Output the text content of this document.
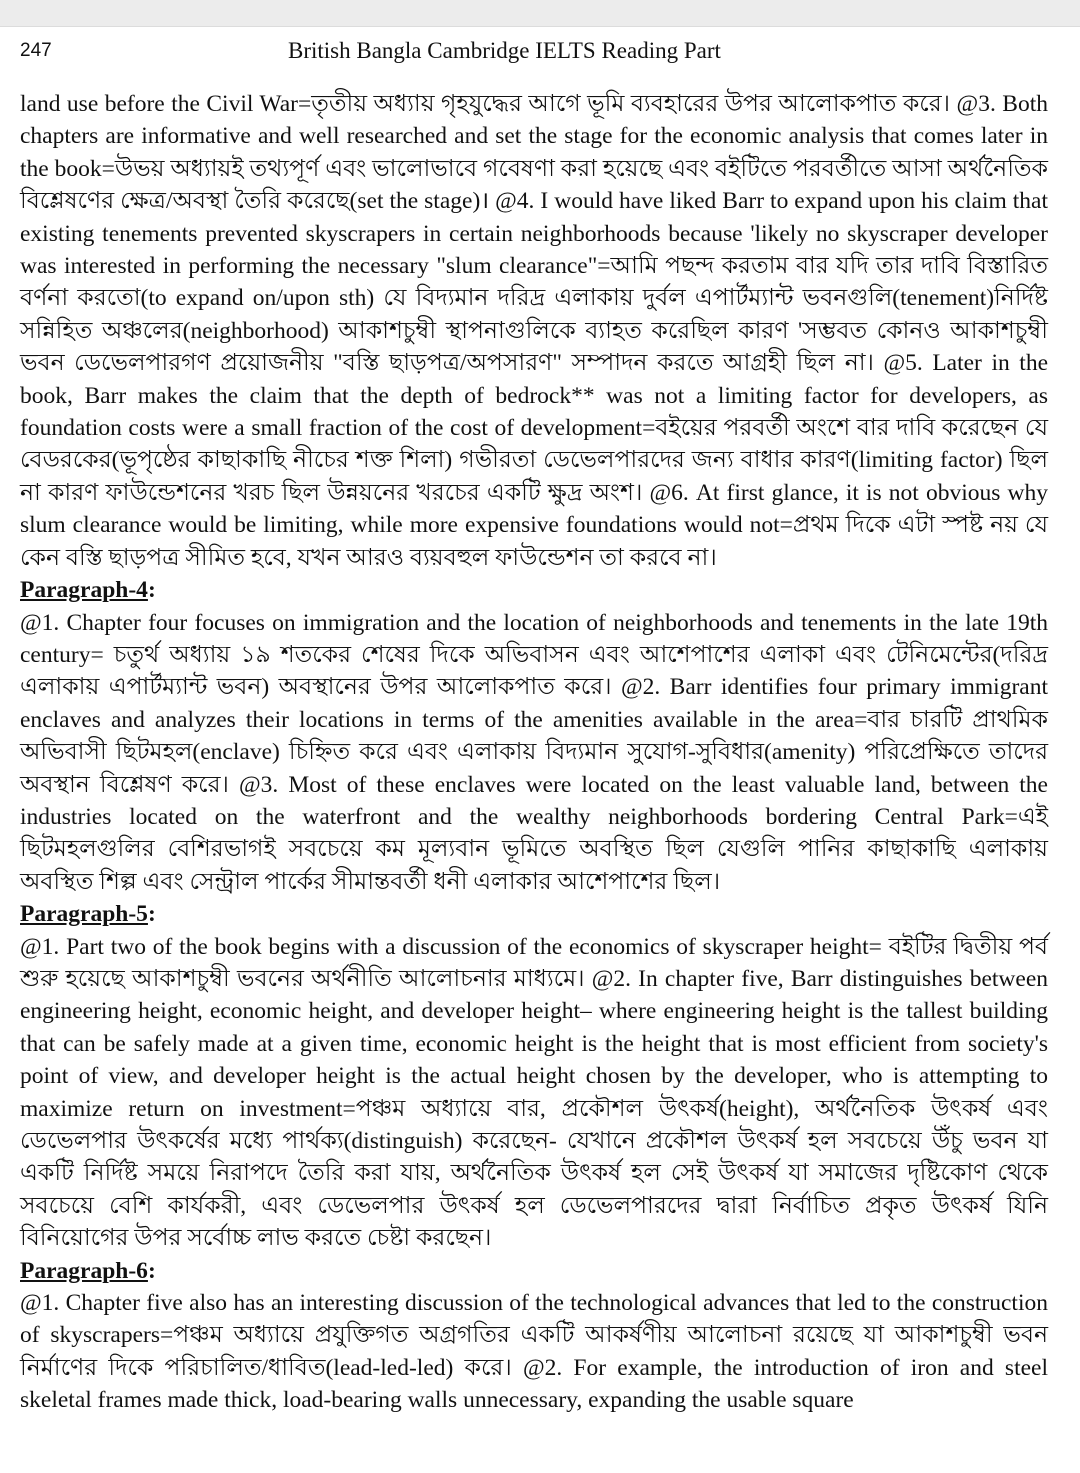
247	British Bangla Cambridge IELTS Reading Part

land use before the Civil War=তৃতীয় অধ্যায় গৃহযুদ্ধের আগে ভূমি ব্যবহারের উপর আলোকপাত করে। @3. Both chapters are informative and well researched and set the stage for the economic analysis that comes later in the book=উভয় অধ্যায়ই তথ্যপূর্ণ এবং ভালোভাবে গবেষণা করা হয়েছে এবং বইটিতে পরবর্তীতে আসা অর্থনৈতিক বিশ্লেষণের ক্ষেত্র/অবস্থা তৈরি করেছে(set the stage)। @4. I would have liked Barr to expand upon his claim that existing tenements prevented skyscrapers in certain neighborhoods because 'likely no skyscraper developer was interested in performing the necessary "slum clearance"=আমি পছন্দ করতাম বার যদি তার দাবি বিস্তারিত বর্ণনা করতো(to expand on/upon sth) যে বিদ্যমান দরিদ্র এলাকায় দুর্বল এপার্টম্যান্ট ভবনগুলি(tenement)নির্দিষ্ট সন্নিহিত অঞ্চলের(neighborhood) আকাশচুম্বী স্থাপনাগুলিকে ব্যাহত করেছিল কারণ 'সম্ভবত কোনও আকাশচুম্বী ভবন ডেভেলপারগণ প্রয়োজনীয় "বস্তি ছাড়পত্র/অপসারণ" সম্পাদন করতে আগ্রহী ছিল না। @5. Later in the book, Barr makes the claim that the depth of bedrock** was not a limiting factor for developers, as foundation costs were a small fraction of the cost of development=বইয়ের পরবর্তী অংশে বার দাবি করেছেন যে বেডরকের(ভূপৃষ্ঠের কাছাকাছি নীচের শক্ত শিলা) গভীরতা ডেভেলপারদের জন্য বাধার কারণ(limiting factor) ছিল না কারণ ফাউন্ডেশনের খরচ ছিল উন্নয়নের খরচের একটি ক্ষুদ্র অংশ। @6. At first glance, it is not obvious why slum clearance would be limiting, while more expensive foundations would not=প্রথম দিকে এটা স্পষ্ট নয় যে কেন বস্তি ছাড়পত্র সীমিত হবে, যখন আরও ব্যয়বহুল ফাউন্ডেশন তা করবে না।

Paragraph-4:

@1. Chapter four focuses on immigration and the location of neighborhoods and tenements in the late 19th century= চতুর্থ অধ্যায় ১৯ শতকের শেষের দিকে অভিবাসন এবং আশেপাশের এলাকা এবং টেনিমেন্টের(দরিদ্র এলাকায় এপার্টম্যান্ট ভবন) অবস্থানের উপর আলোকপাত করে। @2. Barr identifies four primary immigrant enclaves and analyzes their locations in terms of the amenities available in the area=বার চারটি প্রাথমিক অভিবাসী ছিটমহল(enclave) চিহ্নিত করে এবং এলাকায় বিদ্যমান সুযোগ-সুবিধার(amenity) পরিপ্রেক্ষিতে তাদের অবস্থান বিশ্লেষণ করে। @3. Most of these enclaves were located on the least valuable land, between the industries located on the waterfront and the wealthy neighborhoods bordering Central Park=এই ছিটমহলগুলির বেশিরভাগই সবচেয়ে কম মূল্যবান ভূমিতে অবস্থিত ছিল যেগুলি পানির কাছাকাছি এলাকায় অবস্থিত শিল্প এবং সেন্ট্রাল পার্কের সীমান্তবর্তী ধনী এলাকার আশেপাশের ছিল।

Paragraph-5:

@1. Part two of the book begins with a discussion of the economics of skyscraper height= বইটির দ্বিতীয় পর্ব শুরু হয়েছে আকাশচুম্বী ভবনের অর্থনীতি আলোচনার মাধ্যমে। @2. In chapter five, Barr distinguishes between engineering height, economic height, and developer height– where engineering height is the tallest building that can be safely made at a given time, economic height is the height that is most efficient from society's point of view, and developer height is the actual height chosen by the developer, who is attempting to maximize return on investment=পঞ্চম অধ্যায়ে বার, প্রকৌশল উৎকর্ষ(height), অর্থনৈতিক উৎকর্ষ এবং ডেভেলপার উৎকর্ষের মধ্যে পার্থক্য(distinguish) করেছেন- যেখানে প্রকৌশল উৎকর্ষ হল সবচেয়ে উঁচু ভবন যা একটি নির্দিষ্ট সময়ে নিরাপদে তৈরি করা যায়, অর্থনৈতিক উৎকর্ষ হল সেই উৎকর্ষ যা সমাজের দৃষ্টিকোণ থেকে সবচেয়ে বেশি কার্যকরী, এবং ডেভেলপার উৎকর্ষ হল ডেভেলপারদের দ্বারা নির্বাচিত প্রকৃত উৎকর্ষ যিনি বিনিয়োগের উপর সর্বোচ্চ লাভ করতে চেষ্টা করছেন।

Paragraph-6:

@1. Chapter five also has an interesting discussion of the technological advances that led to the construction of skyscrapers=পঞ্চম অধ্যায়ে প্রযুক্তিগত অগ্রগতির একটি আকর্ষণীয় আলোচনা রয়েছে যা আকাশচুম্বী ভবন নির্মাণের দিকে পরিচালিত/ধাবিত(lead-led-led) করে। @2. For example, the introduction of iron and steel skeletal frames made thick, load-bearing walls unnecessary, expanding the usable square
